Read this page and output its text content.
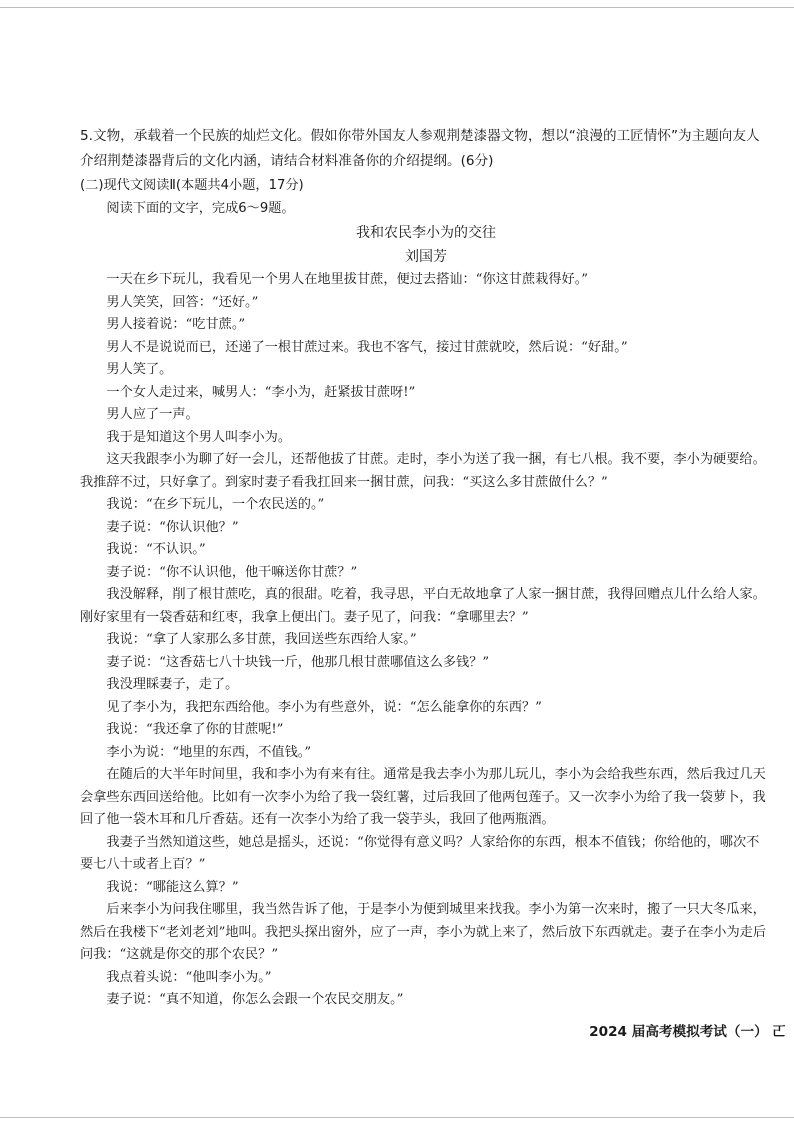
5.文物，承载着一个民族的灿烂文化。假如你带外国友人参观荆楚漆器文物，想以“浪漫的工匠情怀”为主题向友人介绍荆楚漆器背后的文化内涵，请结合材料准备你的介绍提纲。(6分)

(二)现代文阅读Ⅱ(本题共4小题，17分)

阅读下面的文字，完成6～9题。

我和农民李小为的交往

刘国芳

一天在乡下玩儿，我看见一个男人在地里拔甘蔗，便过去搭讪：“你这甘蔗栽得好。”

男人笑笑，回答：“还好。”

男人接着说：“吃甘蔗。”

男人不是说说而已，还递了一根甘蔗过来。我也不客气，接过甘蔗就咬，然后说：“好甜。”

男人笑了。

一个女人走过来，喊男人：“李小为，赶紧拔甘蔗呀!”

男人应了一声。

我于是知道这个男人叫李小为。

这天我跟李小为聊了好一会儿，还帮他拔了甘蔗。走时，李小为送了我一捆，有七八根。我不要，李小为硬要给。我推辞不过，只好拿了。到家时妻子看我扛回来一捆甘蔗，问我：“买这么多甘蔗做什么？”

我说：“在乡下玩儿，一个农民送的。”

妻子说：“你认识他？”

我说：“不认识。”

妻子说：“你不认识他，他干嘛送你甘蔗？”

我没解释，削了根甘蔗吃，真的很甜。吃着，我寻思，平白无故地拿了人家一捆甘蔗，我得回赠点儿什么给人家。刚好家里有一袋香菇和红枣，我拿上便出门。妻子见了，问我：“拿哪里去？”

我说：“拿了人家那么多甘蔗，我回送些东西给人家。”

妻子说：“这香菇七八十块钱一斤，他那几根甘蔗哪值这么多钱？”

我没理睬妻子，走了。

见了李小为，我把东西给他。李小为有些意外，说：“怎么能拿你的东西？”

我说：“我还拿了你的甘蔗呢!”

李小为说：“地里的东西，不值钱。”

在随后的大半年时间里，我和李小为有来有往。通常是我去李小为那儿玩儿，李小为会给我些东西，然后我过几天会拿些东西回送给他。比如有一次李小为给了我一袋红薯，过后我回了他两包莲子。又一次李小为给了我一袋萝卜，我回了他一袋木耳和几斤香菇。还有一次李小为给了我一袋芋头，我回了他两瓶酒。

我妻子当然知道这些，她总是摇头，还说：“你觉得有意义吗？人家给你的东西，根本不值钱；你给他的，哪次不要七八十或者上百？”

我说：“哪能这么算？”

后来李小为问我住哪里，我当然告诉了他，于是李小为便到城里来找我。李小为第一次来时，搬了一只大冬瓜来，然后在我楼下“老刘老刘”地叫。我把头探出窗外，应了一声，李小为就上来了，然后放下东西就走。妻子在李小为走后问我：“这就是你交的那个农民？”

我点着头说：“他叫李小为。”

妻子说：“真不知道，你怎么会跟一个农民交朋友。”

2024 届高考模拟考试（一） 𠀀
